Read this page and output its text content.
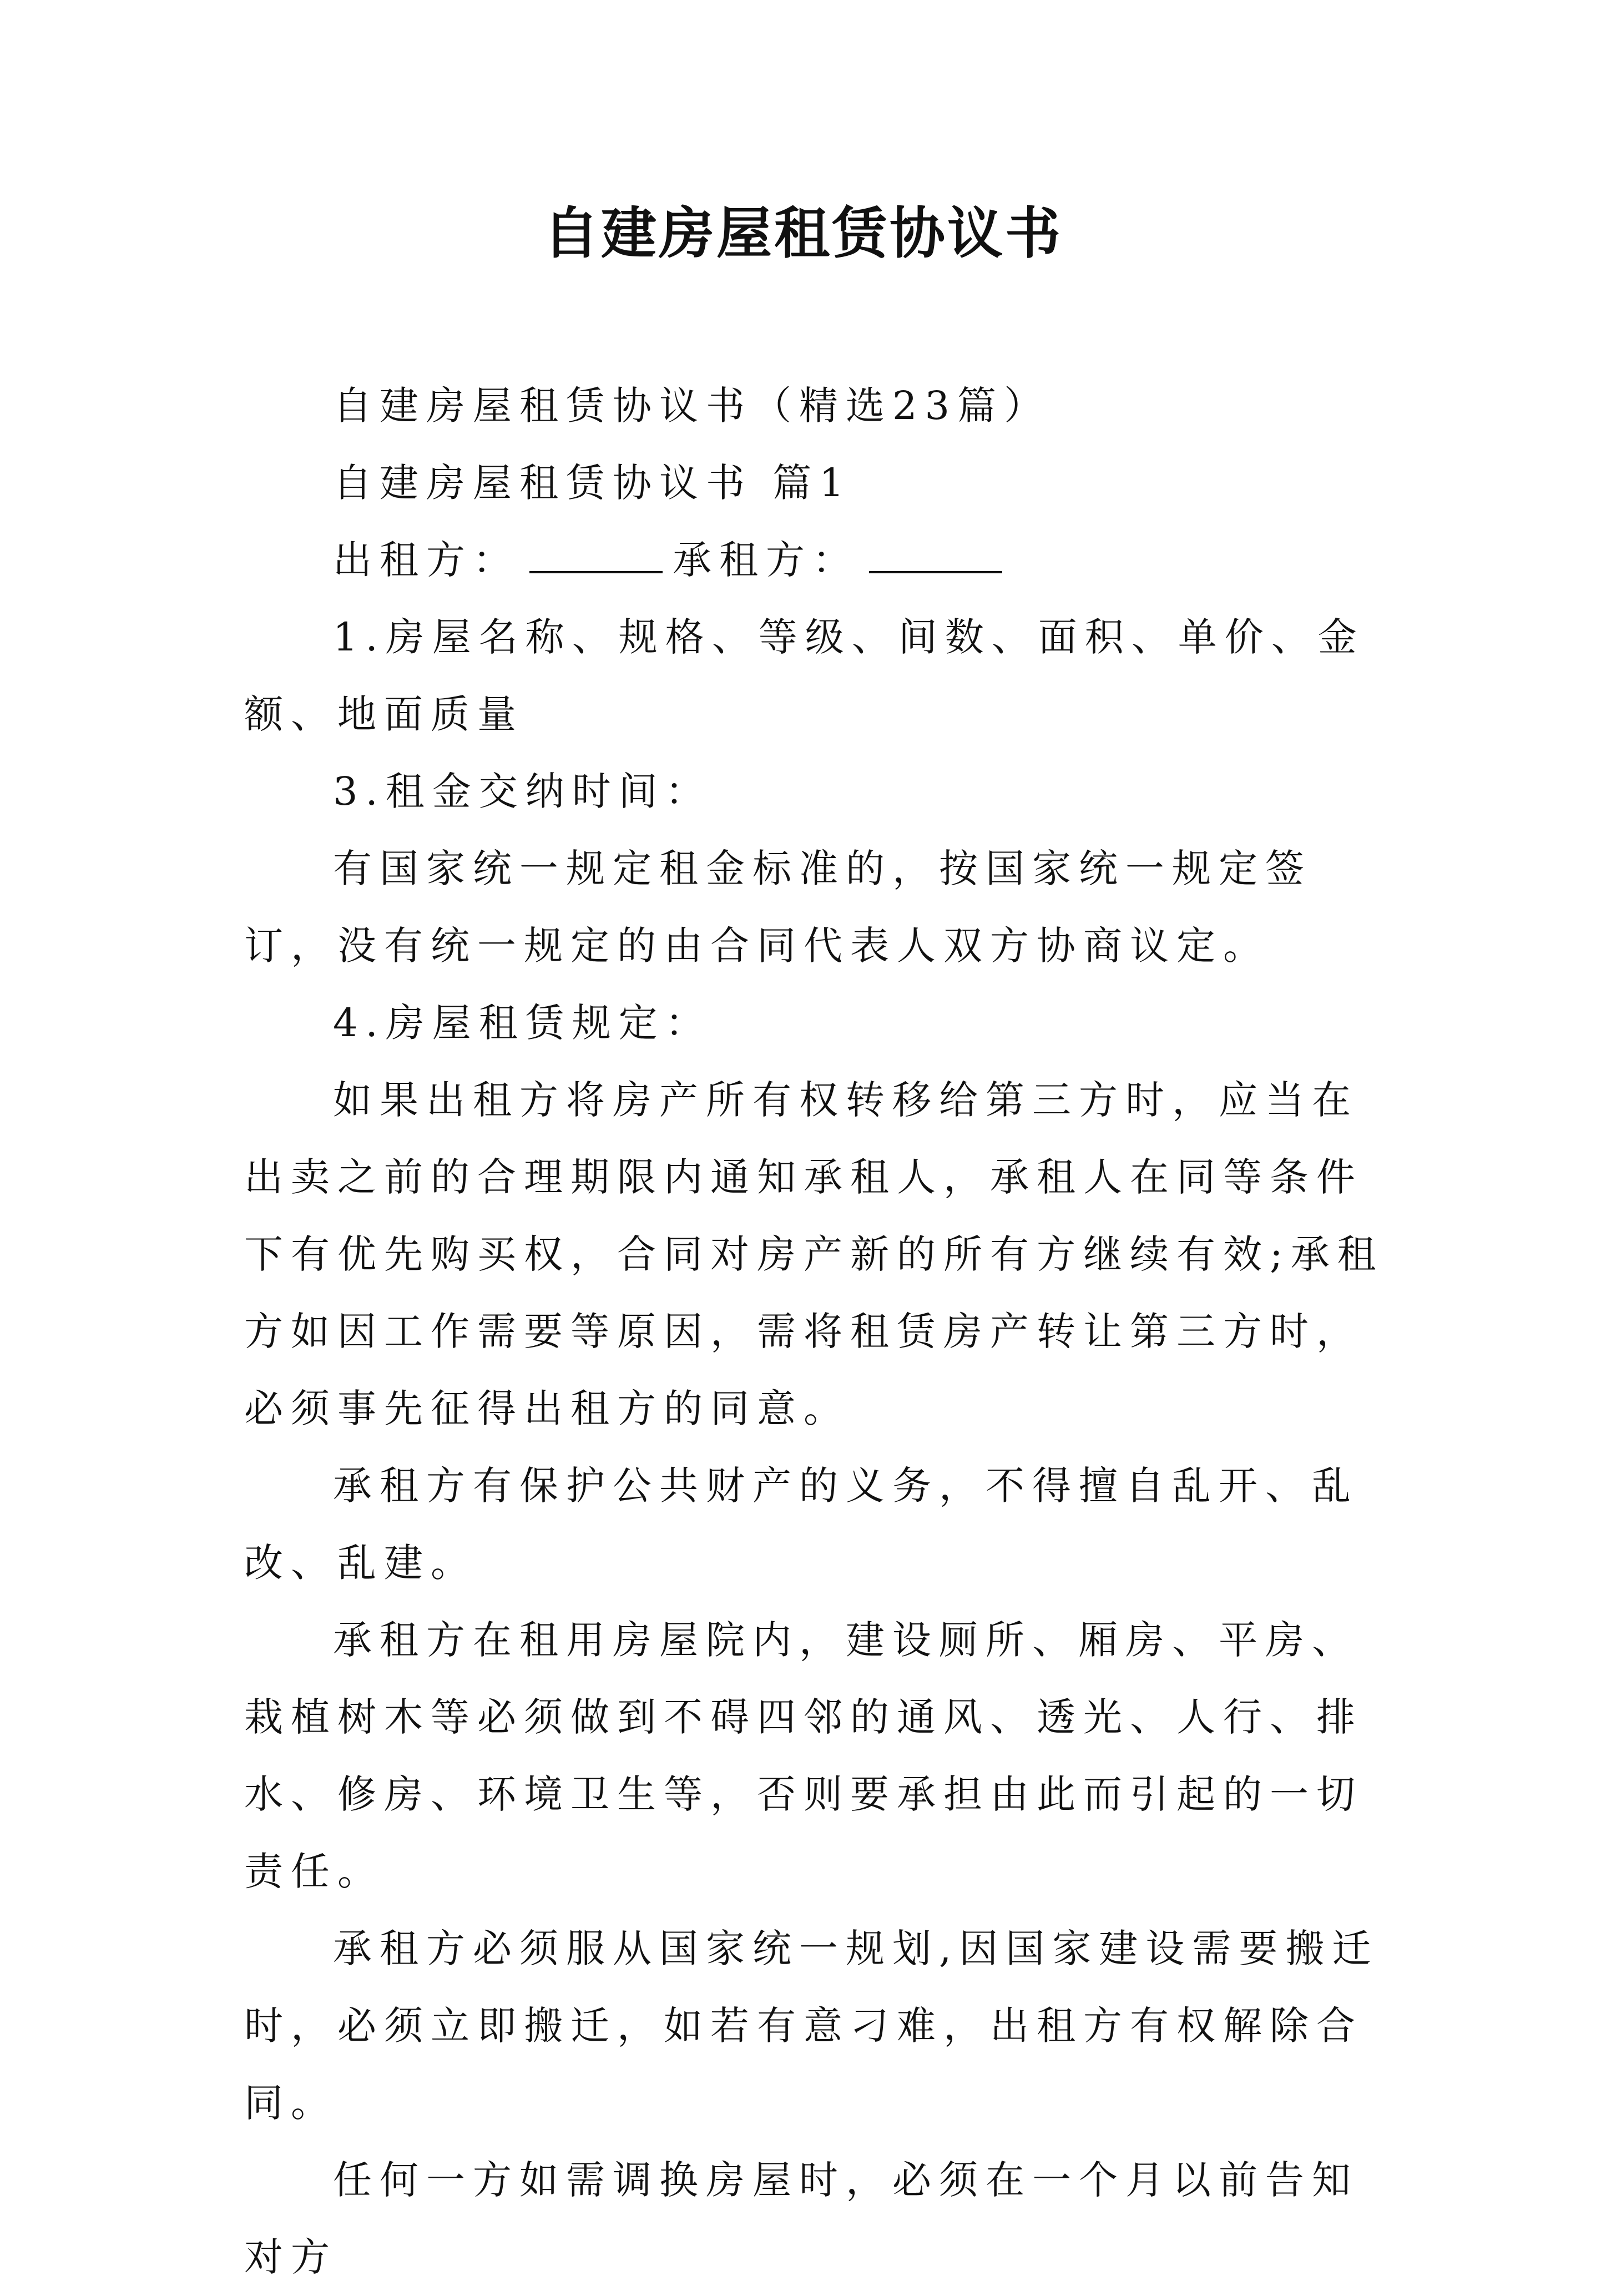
自建房屋租赁协议书

自建房屋租赁协议书（精选23篇）

自建房屋租赁协议书 篇1

出租方：	承租方：

1.房屋名称、规格、等级、间数、面积、单价、金额、地面质量

3.租金交纳时间：

有国家统一规定租金标准的，按国家统一规定签订，没有统一规定的由合同代表人双方协商议定。

4.房屋租赁规定：

如果出租方将房产所有权转移给第三方时，应当在出卖之前的合理期限内通知承租人，承租人在同等条件下有优先购买权，合同对房产新的所有方继续有效;承租方如因工作需要等原因，需将租赁房产转让第三方时，必须事先征得出租方的同意。

承租方有保护公共财产的义务，不得擅自乱开、乱改、乱建。

承租方在租用房屋院内，建设厕所、厢房、平房、栽植树木等必须做到不碍四邻的通风、透光、人行、排水、修房、环境卫生等，否则要承担由此而引起的一切责任。

承租方必须服从国家统一规划,因国家建设需要搬迁时，必须立即搬迁，如若有意刁难，出租方有权解除合同。

任何一方如需调换房屋时，必须在一个月以前告知对方
